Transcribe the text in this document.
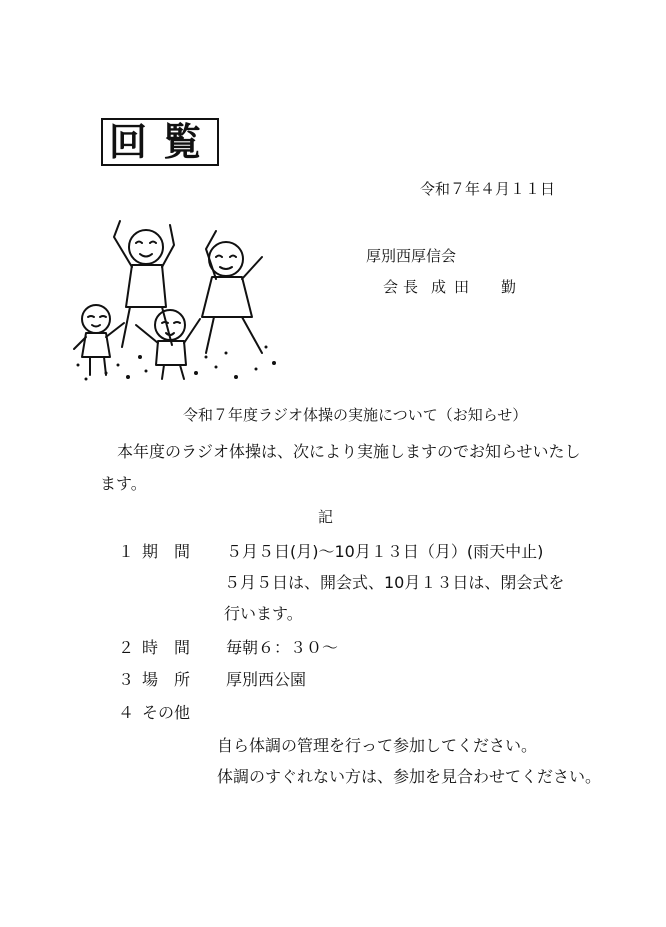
回覧
令和７年４月１１日
厚別西厚信会
会長 成田 勤
令和７年度ラジオ体操の実施について（お知らせ）
本年度のラジオ体操は、次により実施しますのでお知らせいたし
ます。
記
１ 期　間 ５月５日(月)～10月１３日（月）(雨天中止)
５月５日は、開会式、10月１３日は、閉会式を
行います。
２ 時　間 毎朝６：３０～
３ 場　所 厚別西公園
４ その他
自ら体調の管理を行って参加してください。
体調のすぐれない方は、参加を見合わせてください。
